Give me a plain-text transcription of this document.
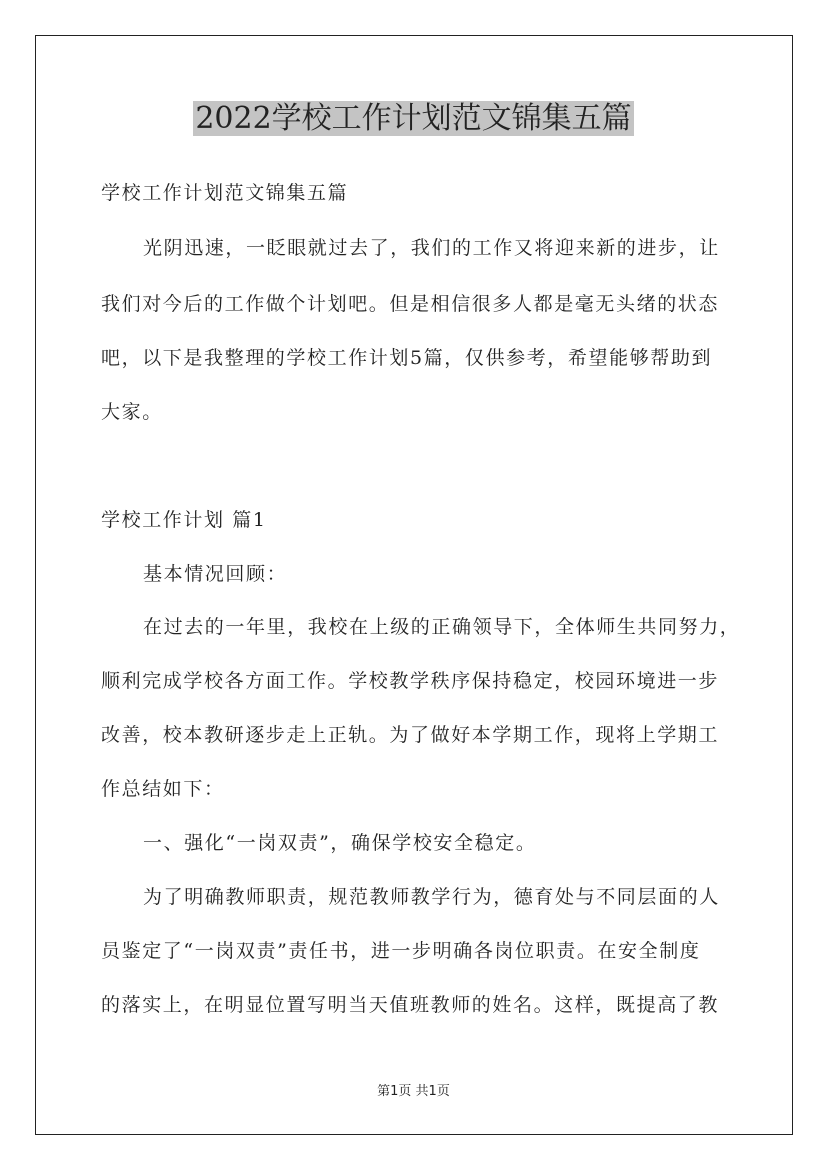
2022学校工作计划范文锦集五篇
学校工作计划范文锦集五篇
光阴迅速，一眨眼就过去了，我们的工作又将迎来新的进步，让
我们对今后的工作做个计划吧。但是相信很多人都是毫无头绪的状态
吧，以下是我整理的学校工作计划5篇，仅供参考，希望能够帮助到
大家。
学校工作计划 篇1
基本情况回顾：
在过去的一年里，我校在上级的正确领导下，全体师生共同努力，
顺利完成学校各方面工作。学校教学秩序保持稳定，校园环境进一步
改善，校本教研逐步走上正轨。为了做好本学期工作，现将上学期工
作总结如下：
一、强化“一岗双责”，确保学校安全稳定。
为了明确教师职责，规范教师教学行为，德育处与不同层面的人
员鉴定了“一岗双责”责任书，进一步明确各岗位职责。在安全制度
的落实上，在明显位置写明当天值班教师的姓名。这样，既提高了教
第1页 共1页
